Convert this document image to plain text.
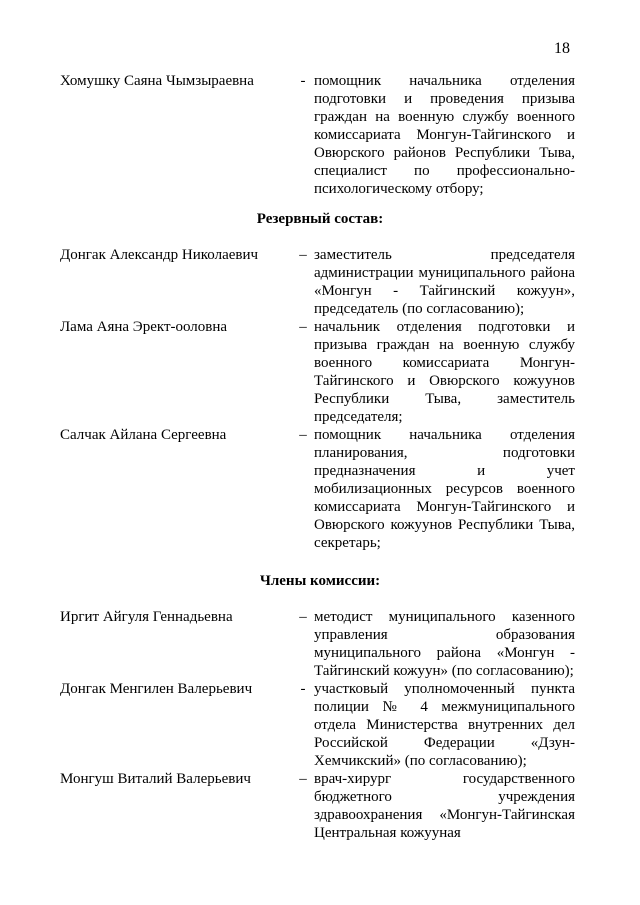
18
Хомушку Саяна Чымзыраевна	- помощник начальника отделения подготовки и проведения призыва граждан на военную службу военного комиссариата Монгун-Тайгинского и Овюрского районов Республики Тыва, специалист по профессионально-психологическому отбору;
Резервный состав:
Донгак Александр Николаевич	– заместитель председателя администрации муниципального района «Монгун - Тайгинский кожуун», председатель (по согласованию);
Лама Аяна Эрект-ооловна	– начальник отделения подготовки и призыва граждан на военную службу военного комиссариата Монгун-Тайгинского и Овюрского кожуунов Республики Тыва, заместитель председателя;
Салчак Айлана Сергеевна	– помощник начальника отделения планирования, подготовки предназначения и учет мобилизационных ресурсов военного комиссариата Монгун-Тайгинского и Овюрского кожуунов Республики Тыва, секретарь;
Члены комиссии:
Иргит Айгуля Геннадьевна	– методист муниципального казенного управления образования муниципального района «Монгун - Тайгинский кожуун» (по согласованию);
Донгак Менгилен Валерьевич	- участковый уполномоченный пункта полиции № 4 межмуниципального отдела Министерства внутренних дел Российской Федерации «Дзун-Хемчикский» (по согласованию);
Монгуш Виталий Валерьевич	– врач-хирург государственного бюджетного учреждения здравоохранения «Монгун-Тайгинская Центральная кожууная
